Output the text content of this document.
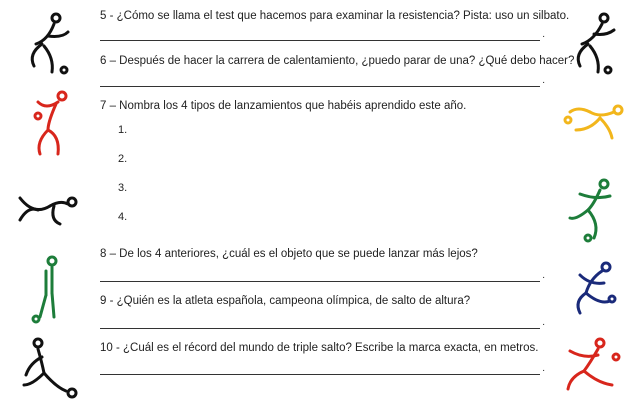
5 - ¿Cómo se llama el test que hacemos para examinar la resistencia? Pista: uso un silbato.
.
6 – Después de hacer la carrera de calentamiento, ¿puedo parar de una? ¿Qué debo hacer?
.
7 – Nombra los 4 tipos de lanzamientos que habéis aprendido este año.
1.
2.
3.
4.
8 – De los 4 anteriores, ¿cuál es el objeto que se puede lanzar más lejos?
.
9 - ¿Quién es la atleta española, campeona olímpica, de salto de altura?
.
10 - ¿Cuál es el récord del mundo de triple salto? Escribe la marca exacta, en metros.
.
